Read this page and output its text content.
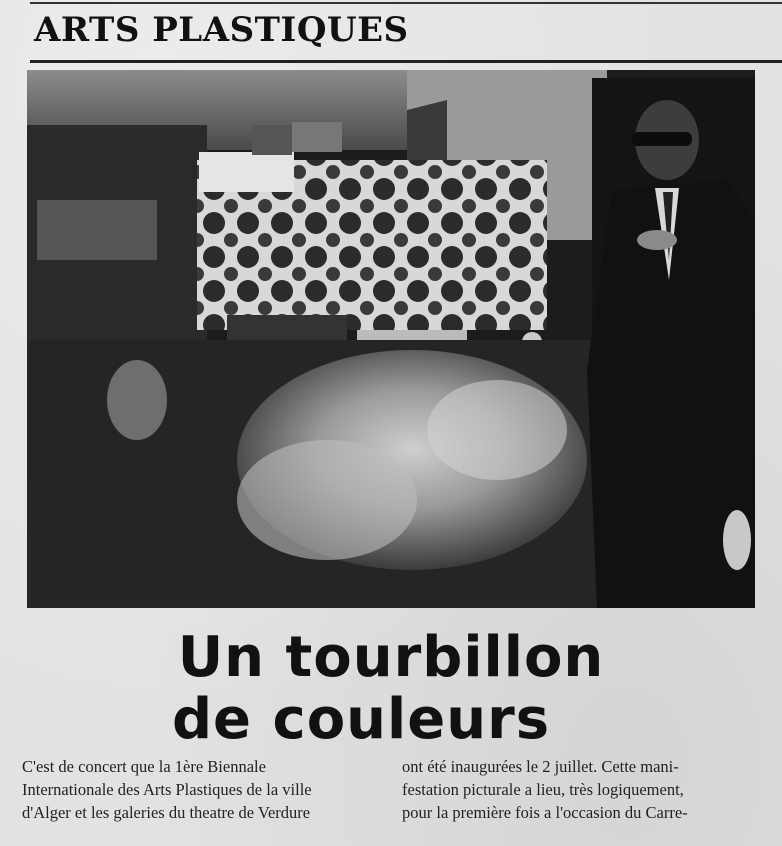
ARTS PLASTIQUES
Un tourbillon
de couleurs
C'est de concert que la 1ère Biennale
Internationale des Arts Plastiques de la ville
d'Alger et les galeries du theatre de Verdure
ont été inaugurées le 2 juillet. Cette mani-
festation picturale a lieu, très logiquement,
pour la première fois a l'occasion du Carre-
